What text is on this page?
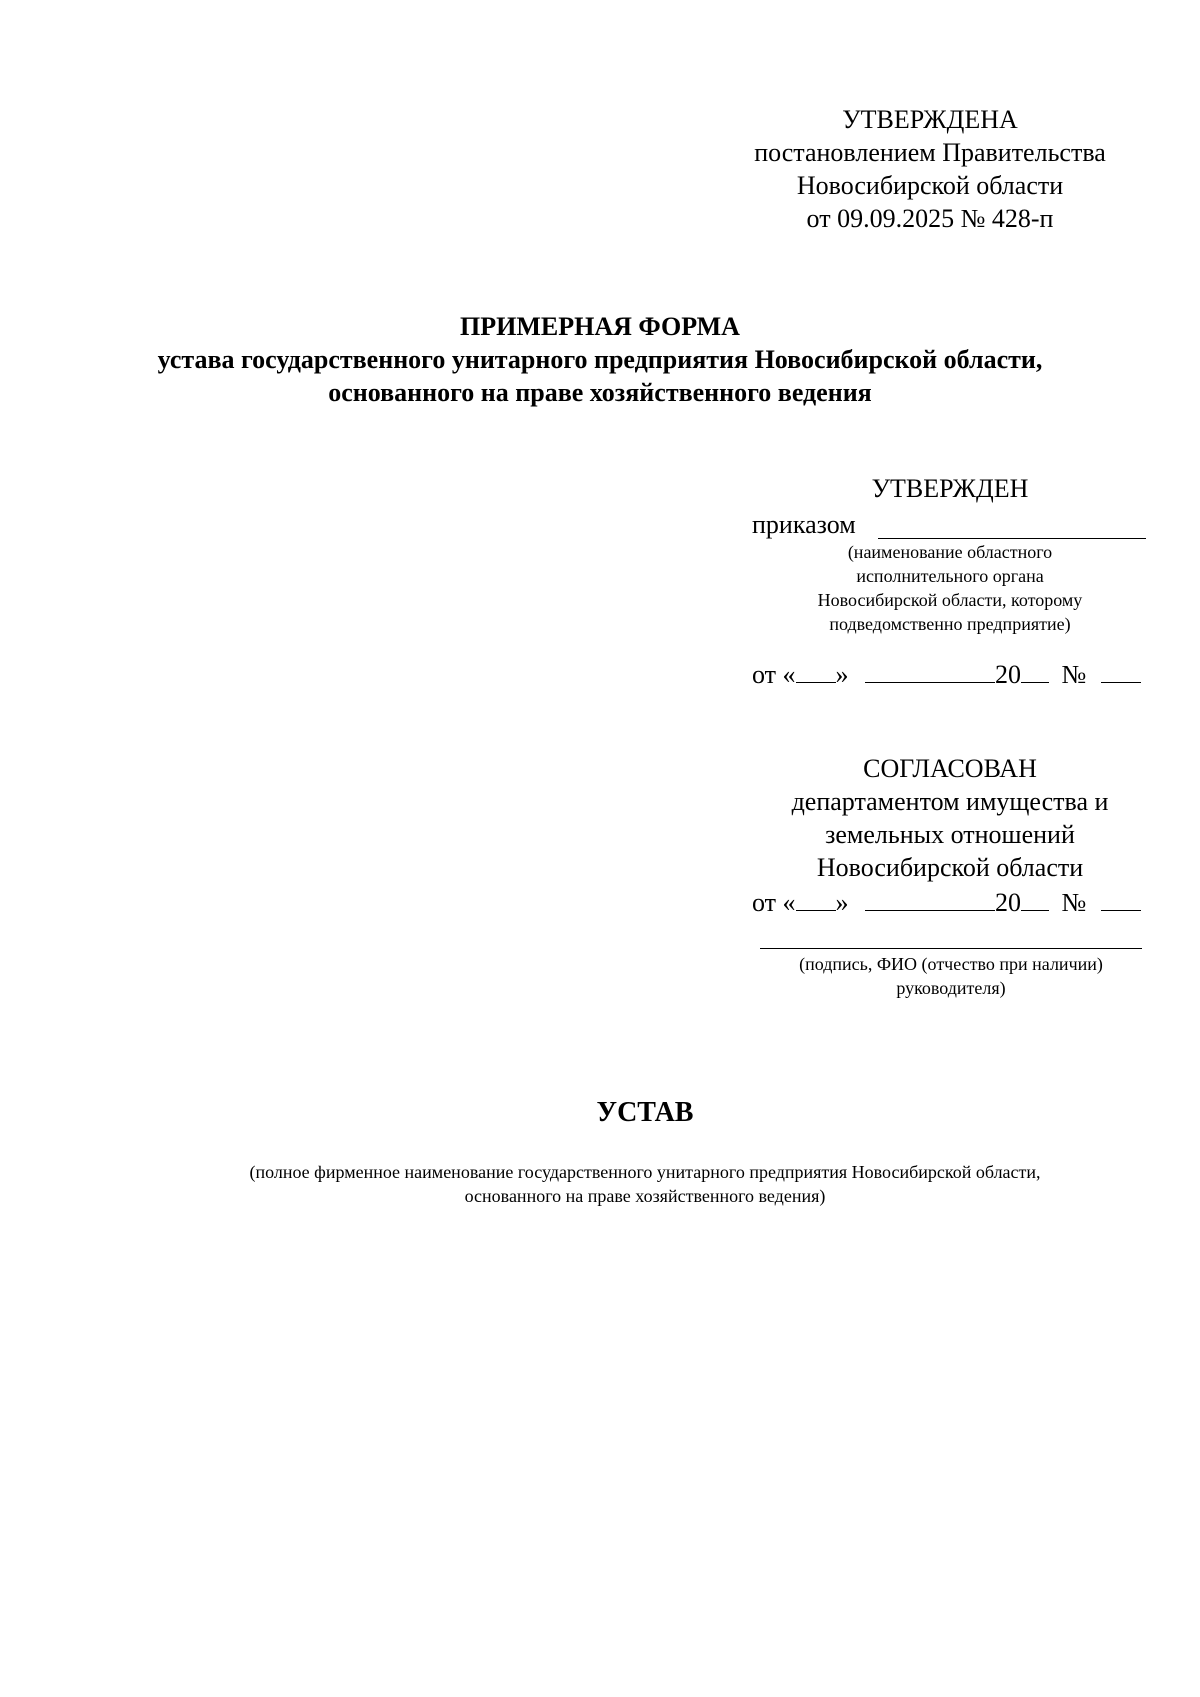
УТВЕРЖДЕНА
постановлением Правительства
Новосибирской области
от 09.09.2025 № 428-п
ПРИМЕРНАЯ ФОРМА
устава государственного унитарного предприятия Новосибирской области,
основанного на праве хозяйственного ведения
УТВЕРЖДЕН
приказом
(наименование областного
исполнительного органа
Новосибирской области, которому
подведомственно предприятие)
от « »	20 №
СОГЛАСОВАН
департаментом имущества и
земельных отношений
Новосибирской области
от « »	20 №
(подпись, ФИО (отчество при наличии)
руководителя)
УСТАВ
(полное фирменное наименование государственного унитарного предприятия Новосибирской области,
основанного на праве хозяйственного ведения)
